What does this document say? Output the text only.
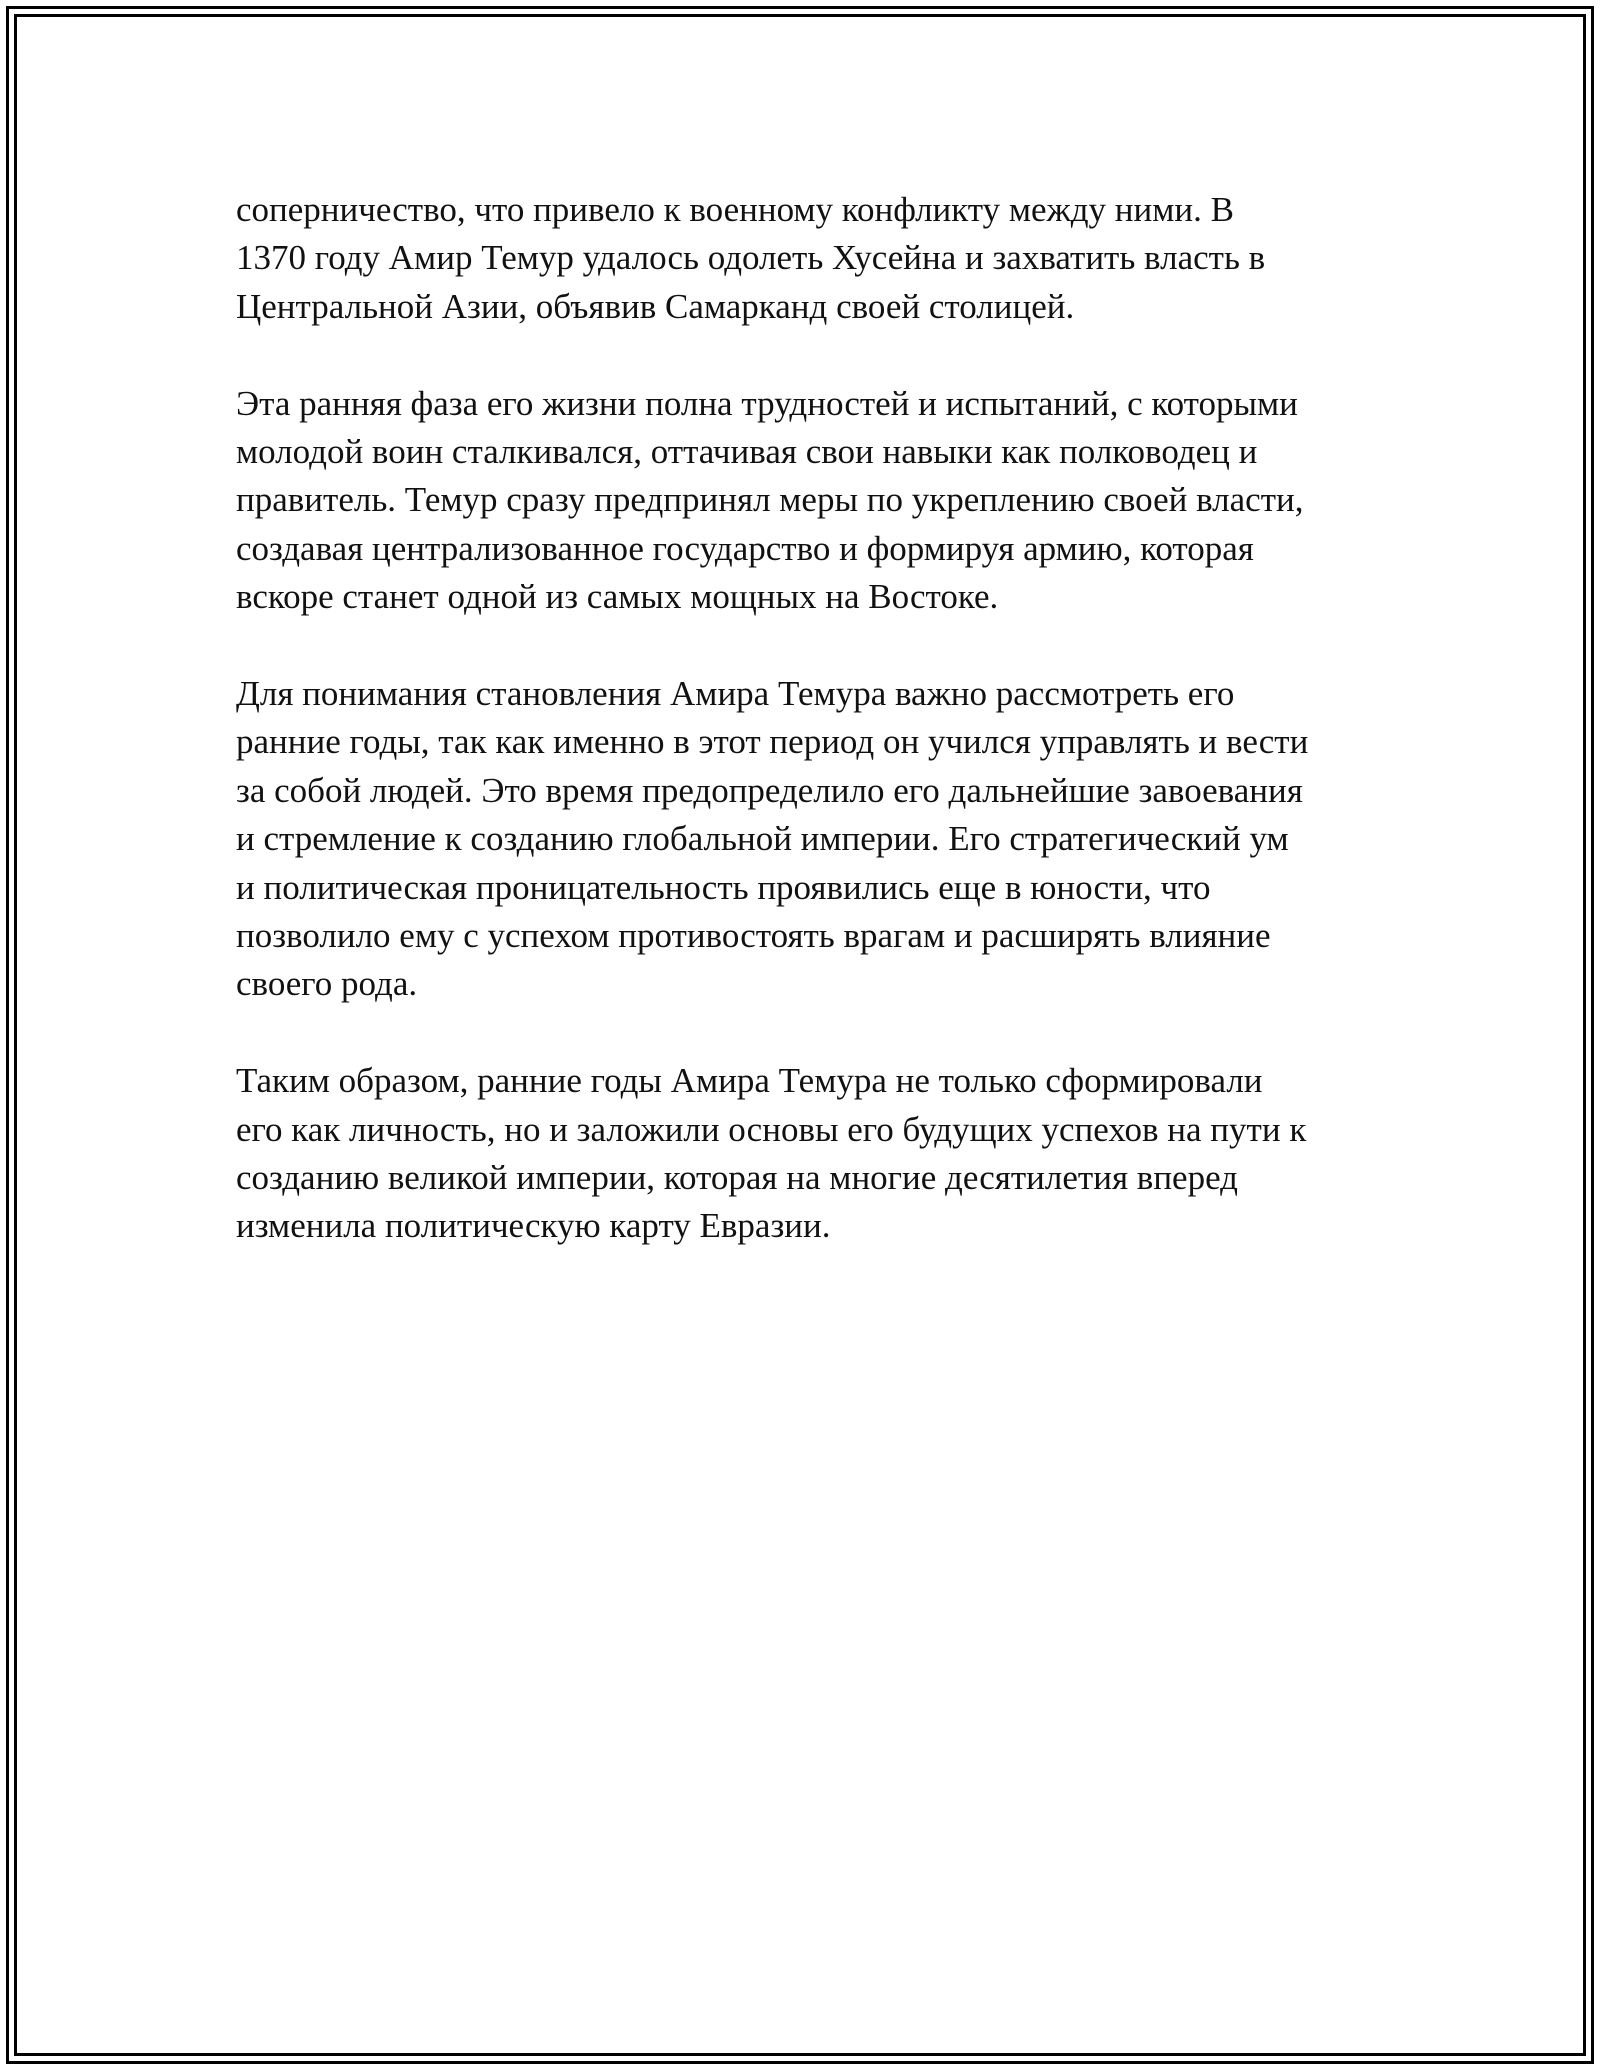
соперничество, что привело к военному конфликту между ними. В
1370 году Амир Темур удалось одолеть Хусейна и захватить власть в
Центральной Азии, объявив Самарканд своей столицей.

Эта ранняя фаза его жизни полна трудностей и испытаний, с которыми
молодой воин сталкивался, оттачивая свои навыки как полководец и
правитель. Темур сразу предпринял меры по укреплению своей власти,
создавая централизованное государство и формируя армию, которая
вскоре станет одной из самых мощных на Востоке.

Для понимания становления Амира Темура важно рассмотреть его
ранние годы, так как именно в этот период он учился управлять и вести
за собой людей. Это время предопределило его дальнейшие завоевания
и стремление к созданию глобальной империи. Его стратегический ум
и политическая проницательность проявились еще в юности, что
позволило ему с успехом противостоять врагам и расширять влияние
своего рода.

Таким образом, ранние годы Амира Темура не только сформировали
его как личность, но и заложили основы его будущих успехов на пути к
созданию великой империи, которая на многие десятилетия вперед
изменила политическую карту Евразии.
